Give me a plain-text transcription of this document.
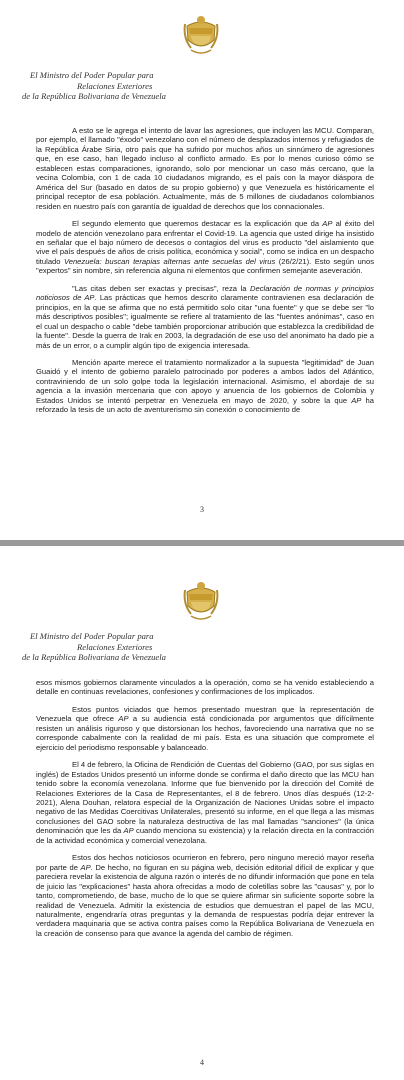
El Ministro del Poder Popular para
Relaciones Exteriores
de la República Bolivariana de Venezuela

A esto se le agrega el intento de lavar las agresiones, que incluyen las MCU. Comparan, por ejemplo, el llamado "éxodo" venezolano con el número de desplazados internos y refugiados de la República Árabe Siria, otro país que ha sufrido por muchos años un sinnúmero de agresiones que, en ese caso, han llegado incluso al conflicto armado. Es por lo menos curioso cómo se establecen estas comparaciones, ignorando, solo por mencionar un caso más cercano, que la vecina Colombia, con 1 de cada 10 ciudadanos migrando, es el país con la mayor diáspora de América del Sur (basado en datos de su propio gobierno) y que Venezuela es históricamente el principal receptor de esa población. Actualmente, más de 5 millones de ciudadanos colombianos residen en nuestro país con garantía de igualdad de derechos que los connacionales.

El segundo elemento que queremos destacar es la explicación que da AP al éxito del modelo de atención venezolano para enfrentar el Covid-19. La agencia que usted dirige ha insistido en señalar que el bajo número de decesos o contagios del virus es producto "del aislamiento que vive el país después de años de crisis política, económica y social", como se indica en un despacho titulado Venezuela: buscan terapias alternas ante secuelas del virus (26/2/21). Esto según unos "expertos" sin nombre, sin referencia alguna ni elementos que confirmen semejante aseveración.

"Las citas deben ser exactas y precisas", reza la Declaración de normas y principios noticiosos de AP. Las prácticas que hemos descrito claramente contravienen esa declaración de principios, en la que se afirma que no está permitido solo citar "una fuente" y que se debe ser "lo más descriptivos posibles"; igualmente se refiere al tratamiento de las "fuentes anónimas", caso en el cual un despacho o cable "debe también proporcionar atribución que establezca la credibilidad de la fuente". Desde la guerra de Irak en 2003, la degradación de ese uso del anonimato ha dado pie a más de un error, o a cumplir algún tipo de exigencia interesada.

Mención aparte merece el tratamiento normalizador a la supuesta "legitimidad" de Juan Guaidó y el intento de gobierno paralelo patrocinado por poderes a ambos lados del Atlántico, contraviniendo de un solo golpe toda la legislación internacional. Asimismo, el abordaje de su agencia a la invasión mercenaria que con apoyo y anuencia de los gobiernos de Colombia y Estados Unidos se intentó perpetrar en Venezuela en mayo de 2020, y sobre la que AP ha reforzado la tesis de un acto de aventurerismo sin conexión o conocimiento de

3
El Ministro del Poder Popular para
Relaciones Exteriores
de la República Bolivariana de Venezuela

esos mismos gobiernos claramente vinculados a la operación, como se ha venido estableciendo a detalle en continuas revelaciones, confesiones y confirmaciones de los implicados.

Estos puntos viciados que hemos presentado muestran que la representación de Venezuela que ofrece AP a su audiencia está condicionada por argumentos que difícilmente resisten un análisis riguroso y que distorsionan los hechos, favoreciendo una narrativa que no se corresponde cabalmente con la realidad de mi país. Esta es una situación que compromete el ejercicio del periodismo responsable y balanceado.

El 4 de febrero, la Oficina de Rendición de Cuentas del Gobierno (GAO, por sus siglas en inglés) de Estados Unidos presentó un informe donde se confirma el daño directo que las MCU han tenido sobre la economía venezolana. Informe que fue bienvenido por la dirección del Comité de Relaciones Exteriores de la Casa de Representantes, el 8 de febrero. Unos días después (12-2-2021), Alena Douhan, relatora especial de la Organización de Naciones Unidas sobre el impacto negativo de las Medidas Coercitivas Unilaterales, presentó su informe, en el que llega a las mismas conclusiones del GAO sobre la naturaleza destructiva de las mal llamadas "sanciones" (la única denominación que les da AP cuando menciona su existencia) y la relación directa en la contracción de la actividad económica y comercial venezolana.

Estos dos hechos noticiosos ocurrieron en febrero, pero ninguno mereció mayor reseña por parte de AP. De hecho, no figuran en su página web, decisión editorial difícil de explicar y que pareciera revelar la existencia de alguna razón o interés de no difundir información que pone en tela de juicio las "explicaciones" hasta ahora ofrecidas a modo de coletillas sobre las "causas" y, por lo tanto, comprometiendo, de base, mucho de lo que se quiere afirmar sin suficiente soporte sobre la realidad de Venezuela. Admitir la existencia de estudios que demuestran el papel de las MCU, naturalmente, engendraría otras preguntas y la demanda de respuestas podría dejar entrever la verdadera maquinaria que se activa contra países como la República Bolivariana de Venezuela en la creación de consenso para que avance la agenda del cambio de régimen.

4
